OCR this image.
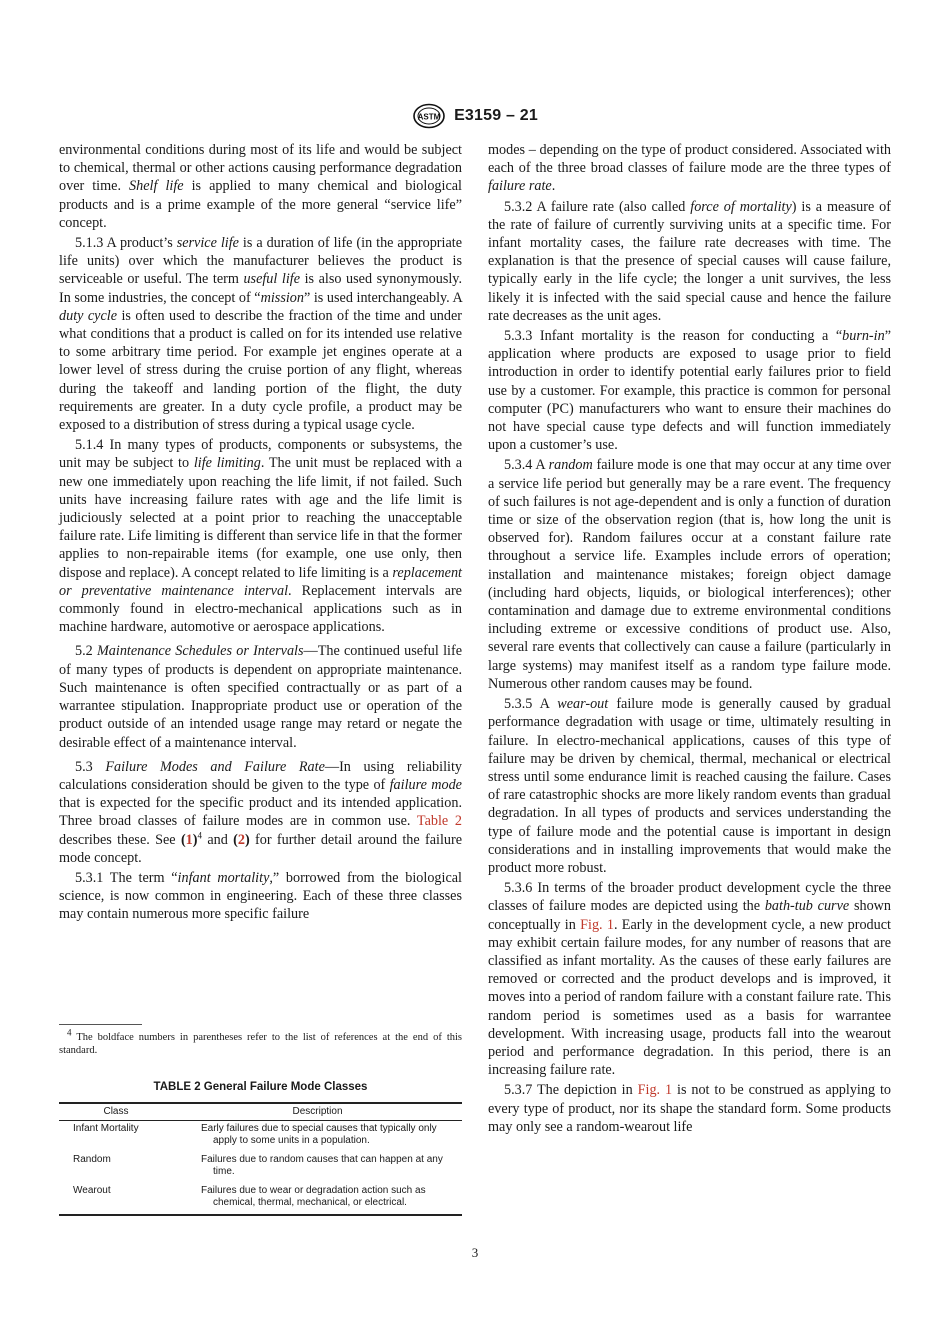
ASTM E3159 – 21

environmental conditions during most of its life and would be subject to chemical, thermal or other actions causing performance degradation over time. Shelf life is applied to many chemical and biological products and is a prime example of the more general “service life” concept.

5.1.3 A product’s service life is a duration of life (in the appropriate life units) over which the manufacturer believes the product is serviceable or useful. The term useful life is also used synonymously. In some industries, the concept of “mission” is used interchangeably. A duty cycle is often used to describe the fraction of the time and under what conditions that a product is called on for its intended use relative to some arbitrary time period. For example jet engines operate at a lower level of stress during the cruise portion of any flight, whereas during the takeoff and landing portion of the flight, the duty requirements are greater. In a duty cycle profile, a product may be exposed to a distribution of stress during a typical usage cycle.

5.1.4 In many types of products, components or subsystems, the unit may be subject to life limiting. The unit must be replaced with a new one immediately upon reaching the life limit, if not failed. Such units have increasing failure rates with age and the life limit is judiciously selected at a point prior to reaching the unacceptable failure rate. Life limiting is different than service life in that the former applies to non-repairable items (for example, one use only, then dispose and replace). A concept related to life limiting is a replacement or preventative maintenance interval. Replacement intervals are commonly found in electro-mechanical applications such as in machine hardware, automotive or aerospace applications.

5.2 Maintenance Schedules or Intervals—The continued useful life of many types of products is dependent on appropriate maintenance. Such maintenance is often specified contractually or as part of a warrantee stipulation. Inappropriate product use or operation of the product outside of an intended usage range may retard or negate the desirable effect of a maintenance interval.

5.3 Failure Modes and Failure Rate—In using reliability calculations consideration should be given to the type of failure mode that is expected for the specific product and its intended application. Three broad classes of failure modes are in common use. Table 2 describes these. See $(1)^4$ and (2) for further detail around the failure mode concept.

5.3.1 The term “infant mortality,” borrowed from the biological science, is now common in engineering. Each of these three classes may contain numerous more specific failure

$^4$ The boldface numbers in parentheses refer to the list of references at the end of this standard.
TABLE 2 General Failure Mode Classes
Class	Description
Infant Mortality	Early failures due to special causes that typically only apply to some units in a population.

Random	Failures due to random causes that can happen at any time.

Wearout	Failures due to wear or degradation action such as chemical, thermal, mechanical, or electrical.

modes – depending on the type of product considered. Associated with each of the three broad classes of failure mode are the three types of failure rate.

5.3.2 A failure rate (also called force of mortality) is a measure of the rate of failure of currently surviving units at a specific time. For infant mortality cases, the failure rate decreases with time. The explanation is that the presence of special causes will cause failure, typically early in the life cycle; the longer a unit survives, the less likely it is infected with the said special cause and hence the failure rate decreases as the unit ages.

5.3.3 Infant mortality is the reason for conducting a “burn-in” application where products are exposed to usage prior to field introduction in order to identify potential early failures prior to field use by a customer. For example, this practice is common for personal computer (PC) manufacturers who want to ensure their machines do not have special cause type defects and will function immediately upon a customer’s use.

5.3.4 A random failure mode is one that may occur at any time over a service life period but generally may be a rare event. The frequency of such failures is not age-dependent and is only a function of duration time or size of the observation region (that is, how long the unit is observed for). Random failures occur at a constant failure rate throughout a service life. Examples include errors of operation; installation and maintenance mistakes; foreign object damage (including hard objects, liquids, or biological interferences); other contamination and damage due to extreme environmental conditions including extreme or excessive conditions of product use. Also, several rare events that collectively can cause a failure (particularly in large systems) may manifest itself as a random type failure mode. Numerous other random causes may be found.

5.3.5 A wear-out failure mode is generally caused by gradual performance degradation with usage or time, ultimately resulting in failure. In electro-mechanical applications, causes of this type of failure may be driven by chemical, thermal, mechanical or electrical stress until some endurance limit is reached causing the failure. Cases of rare catastrophic shocks are more likely random events than gradual degradation. In all types of products and services understanding the type of failure mode and the potential cause is important in design considerations and in installing improvements that would make the product more robust.

5.3.6 In terms of the broader product development cycle the three classes of failure modes are depicted using the bath-tub curve shown conceptually in Fig. 1. Early in the development cycle, a new product may exhibit certain failure modes, for any number of reasons that are classified as infant mortality. As the causes of these early failures are removed or corrected and the product develops and is improved, it moves into a period of random failure with a constant failure rate. This random period is sometimes used as a basis for warrantee development. With increasing usage, products fall into the wearout period and performance degradation. In this period, there is an increasing failure rate.

5.3.7 The depiction in Fig. 1 is not to be construed as applying to every type of product, nor its shape the standard form. Some products may only see a random-wearout life

3
